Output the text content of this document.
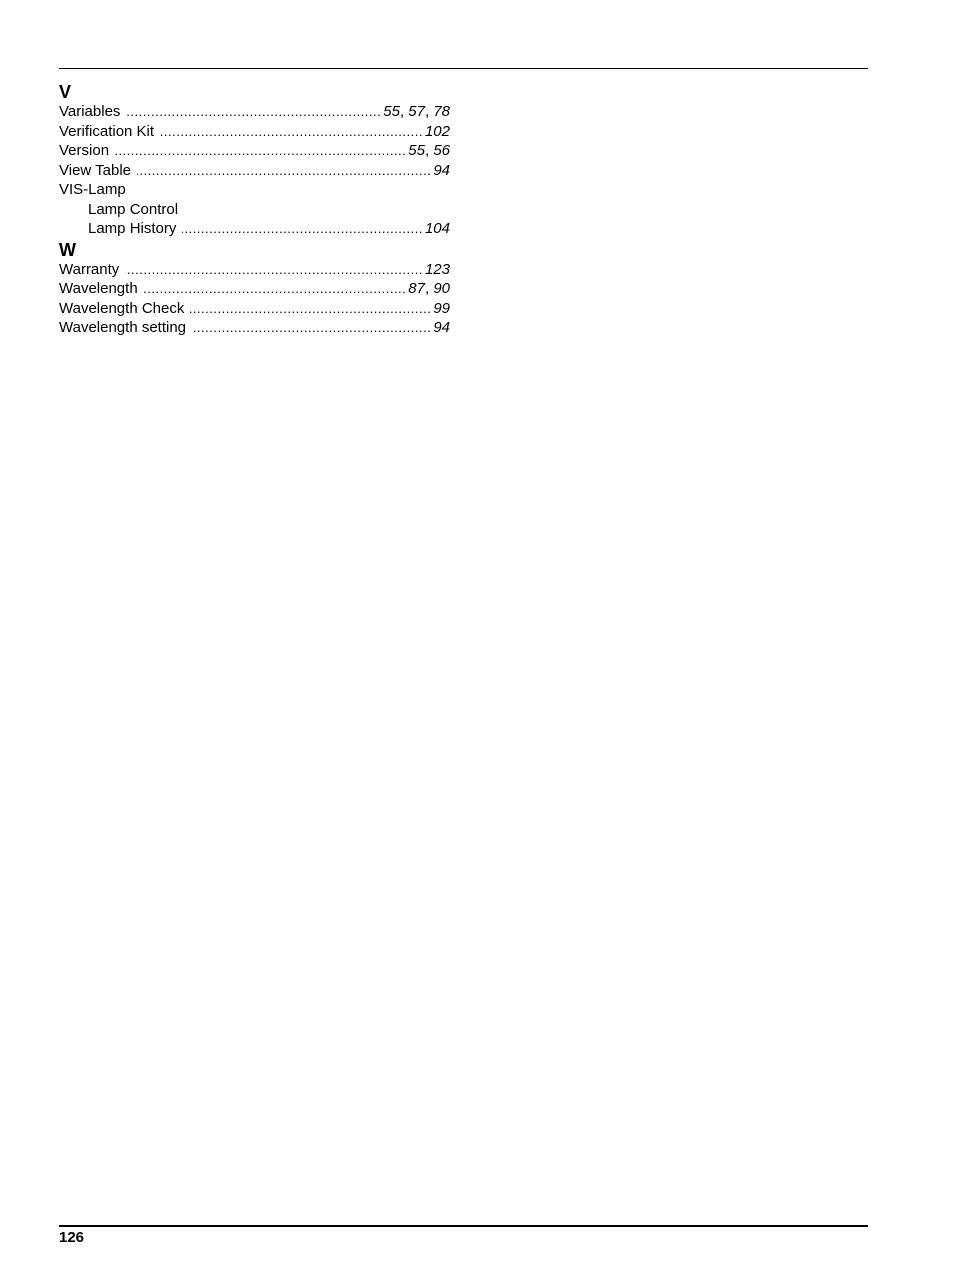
V
Variables .....	55, 57, 78
Verification Kit .....	102
Version .....	55, 56
View Table .....	94
VIS-Lamp
Lamp Control
Lamp History .....	104
W
Warranty .....	123
Wavelength .....	87, 90
Wavelength Check .....	99
Wavelength setting .....	94
126
